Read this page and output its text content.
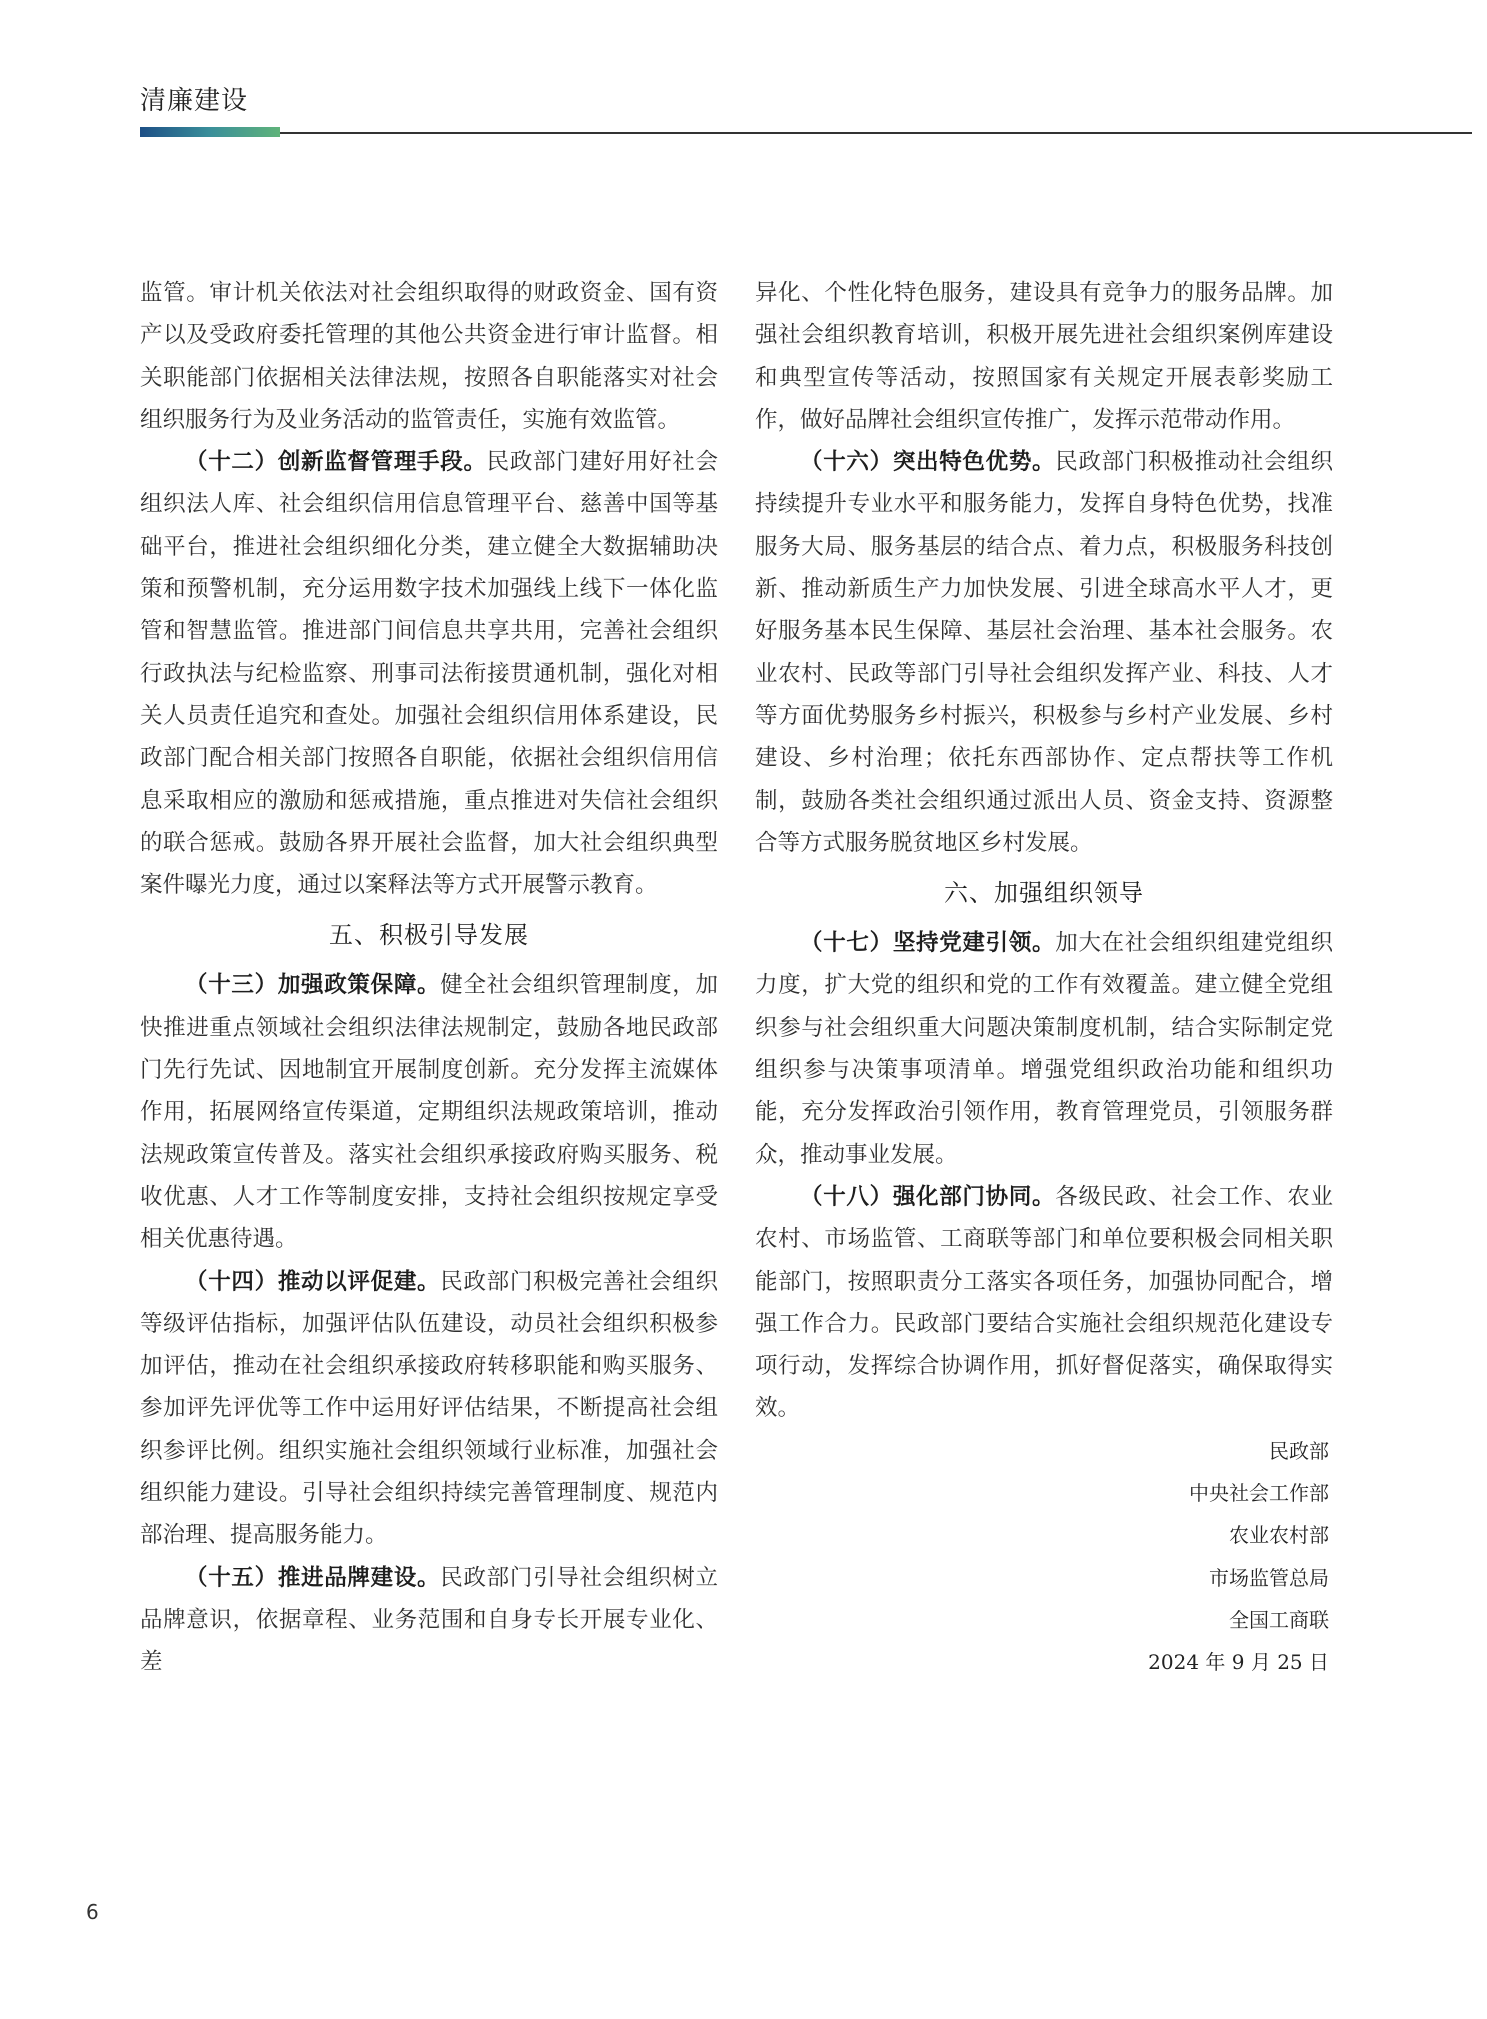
清廉建设

监管。审计机关依法对社会组织取得的财政资金、国有资产以及受政府委托管理的其他公共资金进行审计监督。相关职能部门依据相关法律法规，按照各自职能落实对社会组织服务行为及业务活动的监管责任，实施有效监管。

（十二）创新监督管理手段。民政部门建好用好社会组织法人库、社会组织信用信息管理平台、慈善中国等基础平台，推进社会组织细化分类，建立健全大数据辅助决策和预警机制，充分运用数字技术加强线上线下一体化监管和智慧监管。推进部门间信息共享共用，完善社会组织行政执法与纪检监察、刑事司法衔接贯通机制，强化对相关人员责任追究和查处。加强社会组织信用体系建设，民政部门配合相关部门按照各自职能，依据社会组织信用信息采取相应的激励和惩戒措施，重点推进对失信社会组织的联合惩戒。鼓励各界开展社会监督，加大社会组织典型案件曝光力度，通过以案释法等方式开展警示教育。

五、积极引导发展

（十三）加强政策保障。健全社会组织管理制度，加快推进重点领域社会组织法律法规制定，鼓励各地民政部门先行先试、因地制宜开展制度创新。充分发挥主流媒体作用，拓展网络宣传渠道，定期组织法规政策培训，推动法规政策宣传普及。落实社会组织承接政府购买服务、税收优惠、人才工作等制度安排，支持社会组织按规定享受相关优惠待遇。

（十四）推动以评促建。民政部门积极完善社会组织等级评估指标，加强评估队伍建设，动员社会组织积极参加评估，推动在社会组织承接政府转移职能和购买服务、参加评先评优等工作中运用好评估结果，不断提高社会组织参评比例。组织实施社会组织领域行业标准，加强社会组织能力建设。引导社会组织持续完善管理制度、规范内部治理、提高服务能力。

（十五）推进品牌建设。民政部门引导社会组织树立品牌意识，依据章程、业务范围和自身专长开展专业化、差

异化、个性化特色服务，建设具有竞争力的服务品牌。加强社会组织教育培训，积极开展先进社会组织案例库建设和典型宣传等活动，按照国家有关规定开展表彰奖励工作，做好品牌社会组织宣传推广，发挥示范带动作用。

（十六）突出特色优势。民政部门积极推动社会组织持续提升专业水平和服务能力，发挥自身特色优势，找准服务大局、服务基层的结合点、着力点，积极服务科技创新、推动新质生产力加快发展、引进全球高水平人才，更好服务基本民生保障、基层社会治理、基本社会服务。农业农村、民政等部门引导社会组织发挥产业、科技、人才等方面优势服务乡村振兴，积极参与乡村产业发展、乡村建设、乡村治理；依托东西部协作、定点帮扶等工作机制，鼓励各类社会组织通过派出人员、资金支持、资源整合等方式服务脱贫地区乡村发展。

六、加强组织领导

（十七）坚持党建引领。加大在社会组织组建党组织力度，扩大党的组织和党的工作有效覆盖。建立健全党组织参与社会组织重大问题决策制度机制，结合实际制定党组织参与决策事项清单。增强党组织政治功能和组织功能，充分发挥政治引领作用，教育管理党员，引领服务群众，推动事业发展。

（十八）强化部门协同。各级民政、社会工作、农业农村、市场监管、工商联等部门和单位要积极会同相关职能部门，按照职责分工落实各项任务，加强协同配合，增强工作合力。民政部门要结合实施社会组织规范化建设专项行动，发挥综合协调作用，抓好督促落实，确保取得实效。

民政部
中央社会工作部
农业农村部
市场监管总局
全国工商联
2024 年 9 月 25 日
6
